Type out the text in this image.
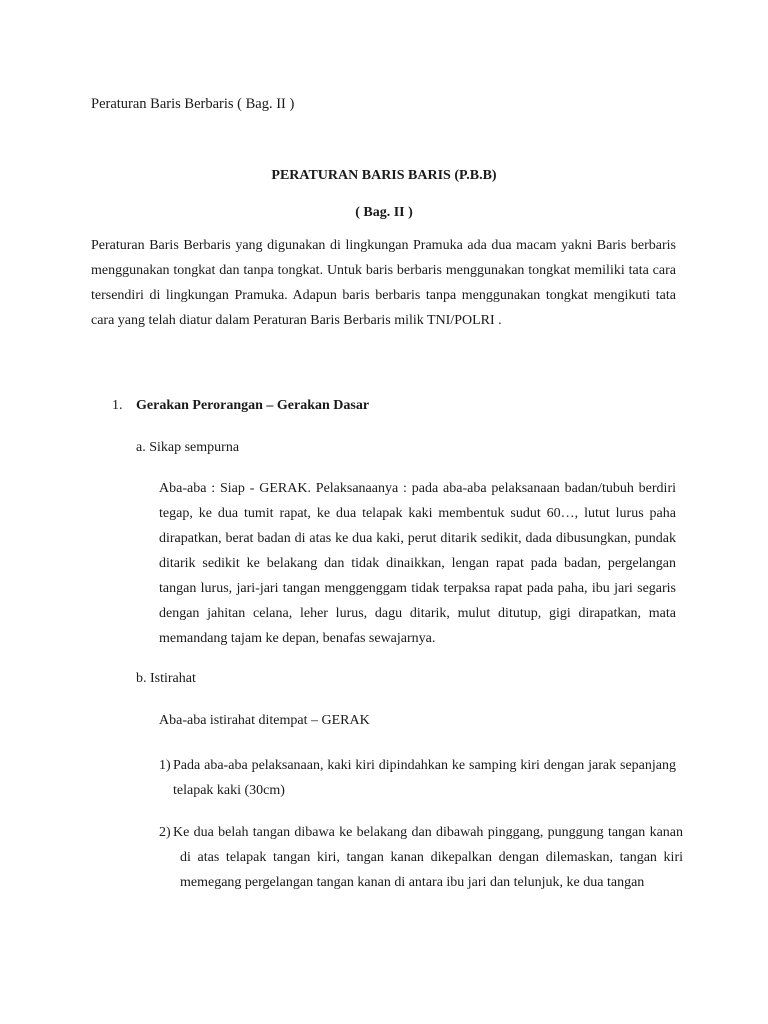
Peraturan Baris Berbaris ( Bag. II )
PERATURAN BARIS BARIS (P.B.B)
( Bag. II )
Peraturan Baris Berbaris yang digunakan di lingkungan Pramuka ada dua macam yakni Baris berbaris menggunakan tongkat dan tanpa tongkat. Untuk baris berbaris menggunakan tongkat memiliki tata cara tersendiri di lingkungan Pramuka. Adapun baris berbaris tanpa menggunakan tongkat mengikuti tata cara yang telah diatur dalam Peraturan Baris Berbaris milik TNI/POLRI .
1. Gerakan Perorangan – Gerakan Dasar
a. Sikap sempurna
Aba-aba : Siap - GERAK. Pelaksanaanya : pada aba-aba pelaksanaan badan/tubuh berdiri tegap, ke dua tumit rapat, ke dua telapak kaki membentuk sudut 60…, lutut lurus paha dirapatkan, berat badan di atas ke dua kaki, perut ditarik sedikit, dada dibusungkan, pundak ditarik sedikit ke belakang dan tidak dinaikkan, lengan rapat pada badan, pergelangan tangan lurus, jari-jari tangan menggenggam tidak terpaksa rapat pada paha, ibu jari segaris dengan jahitan celana, leher lurus, dagu ditarik, mulut ditutup, gigi dirapatkan, mata memandang tajam ke depan, benafas sewajarnya.
b. Istirahat
Aba-aba istirahat ditempat – GERAK
1) Pada aba-aba pelaksanaan, kaki kiri dipindahkan ke samping kiri dengan jarak sepanjang telapak kaki (30cm)
2) Ke dua belah tangan dibawa ke belakang dan dibawah pinggang, punggung tangan kanan di atas telapak tangan kiri, tangan kanan dikepalkan dengan dilemaskan, tangan kiri memegang pergelangan tangan kanan di antara ibu jari dan telunjuk, ke dua tangan
